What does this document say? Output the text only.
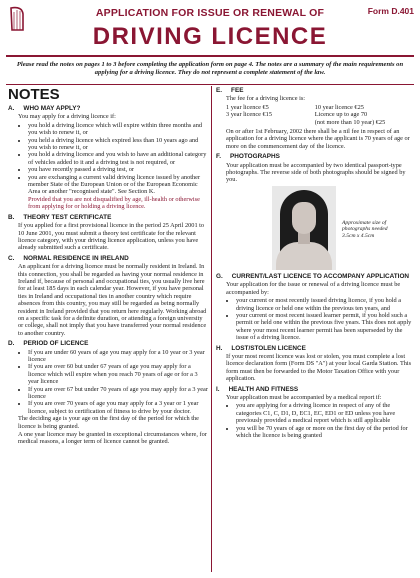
Form D.401
APPLICATION FOR ISSUE OR RENEWAL OF
DRIVING LICENCE
Please read the notes on pages 1 to 3 before completing the application form on page 4. The notes are a summary of the main requirements on applying for a driving licence. They do not represent a complete statement of the law.
NOTES
A. WHO MAY APPLY?

You may apply for a driving licence if:

• you hold a driving licence which will expire within three months and you wish to renew it, or
• you held a driving licence which expired less than 10 years ago and you wish to renew it, or
• you hold a driving licence and you wish to have an additional category of vehicles added to it and a driving test is not required, or
• you have recently passed a driving test, or
• you are exchanging a current valid driving licence issued by another member State of the European Union or of the European Economic Area or another "recognised state". See Section K.

Provided that you are not disqualified by age, ill-health or otherwise from applying for or holding a driving licence.

B. THEORY TEST CERTIFICATE

If you applied for a first provisional licence in the period 25 April 2001 to 10 June 2001, you must submit a theory test certificate for the relevant licence category, with your driving licence application, unless you have already submitted such a certificate.

C. NORMAL RESIDENCE IN IRELAND

An applicant for a driving licence must be normally resident in Ireland. In this connection, you shall be regarded as having your normal residence in Ireland if, because of personal and occupational ties, you usually live here for at least 185 days in each calendar year. However, if you have personal ties in Ireland and occupational ties in another country which require absences from this country, you may still be regarded as being normally resident in Ireland provided that you return here regularly. Working abroad on a specific task for a definite duration, or attending a foreign university or college, shall not imply that you have transferred your normal residence to another country.

D. PERIOD OF LICENCE
• If you are under 60 years of age you may apply for a 10 year or 3 year licence
• If you are over 60 but under 67 years of age you may apply for a licence which will expire when you reach 70 years of age or for a 3 year licence
• If you are over 67 but under 70 years of age you may apply for a 3 year licence
• If you are over 70 years of age you may apply for a 3 year or 1 year licence, subject to certification of fitness to drive by your doctor.

The deciding age is your age on the first day of the period for which the licence is being granted.

A one year licence may be granted in exceptional circumstances where, for medical reasons, a longer term of licence cannot be granted.

E. FEE

The fee for a driving licence is:

1 year licence €5	10 year licence €25
3 year licence €15	Licence up to age 70
(not more than 10 year) €25

On or after 1st February, 2002 there shall be a nil fee in respect of an application for a driving licence where the applicant is 70 years of age or more on the commencement day of the licence.

F. PHOTOGRAPHS

Your application must be accompanied by two identical passport-type photographs. The reverse side of both photographs should be signed by you.

Approximate size of photographs needed 3.5cm x 4.5cm
G. CURRENT/LAST LICENCE TO ACCOMPANY APPLICATION

Your application for the issue or renewal of a driving licence must be accompanied by:

• your current or most recently issued driving licence, if you hold a driving licence or held one within the previous ten years, and
• your current or most recent issued learner permit, if you hold such a permit or held one within the previous five years. This does not apply where your most recent learner permit has been superseded by the issue of a driving licence.
H. LOST/STOLEN LICENCE

If your most recent licence was lost or stolen, you must complete a lost licence declaration form (Form DS "A") at your local Garda Station. This form must then be forwarded to the Motor Taxation Office with your application.

I. HEALTH AND FITNESS

Your application must be accompanied by a medical report if:

• you are applying for a driving licence in respect of any of the categories C1, C, D1, D, EC1, EC, ED1 or ED unless you have previously provided a medical report which is still applicable
• you will be 70 years of age or more on the first day of the period for which the licence is being granted
